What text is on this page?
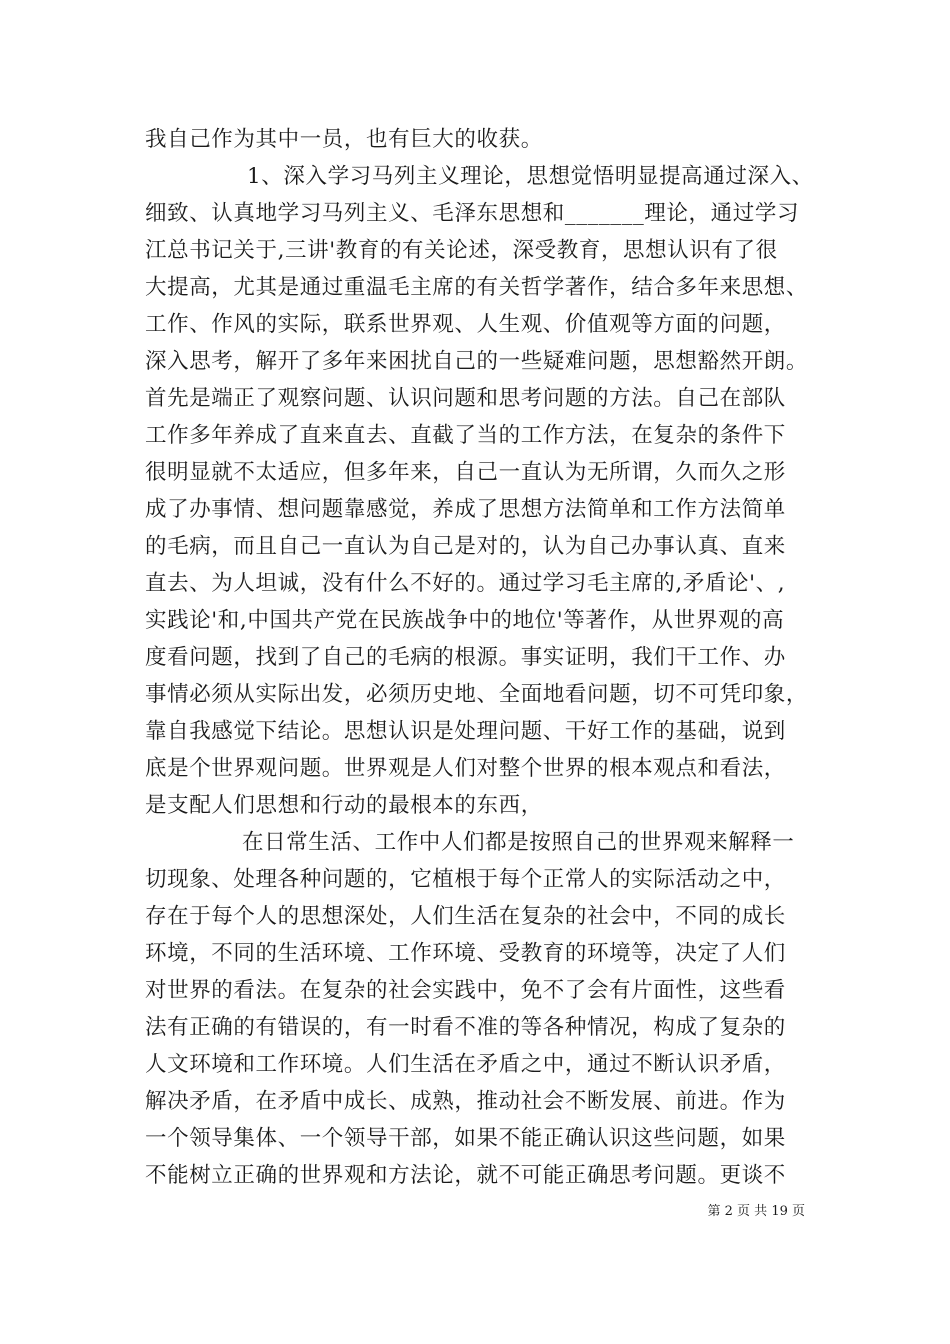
我自己作为其中一员，也有巨大的收获。
1、深入学习马列主义理论，思想觉悟明显提高通过深入、
细致、认真地学习马列主义、毛泽东思想和_______理论，通过学习
江总书记关于,三讲'教育的有关论述，深受教育，思想认识有了很
大提高，尤其是通过重温毛主席的有关哲学著作，结合多年来思想、
工作、作风的实际，联系世界观、人生观、价值观等方面的问题，
深入思考，解开了多年来困扰自己的一些疑难问题，思想豁然开朗。
首先是端正了观察问题、认识问题和思考问题的方法。自己在部队
工作多年养成了直来直去、直截了当的工作方法，在复杂的条件下
很明显就不太适应，但多年来，自己一直认为无所谓，久而久之形
成了办事情、想问题靠感觉，养成了思想方法简单和工作方法简单
的毛病，而且自己一直认为自己是对的，认为自己办事认真、直来
直去、为人坦诚，没有什么不好的。通过学习毛主席的,矛盾论'、,
实践论'和,中国共产党在民族战争中的地位'等著作，从世界观的高
度看问题，找到了自己的毛病的根源。事实证明，我们干工作、办
事情必须从实际出发，必须历史地、全面地看问题，切不可凭印象，
靠自我感觉下结论。思想认识是处理问题、干好工作的基础，说到
底是个世界观问题。世界观是人们对整个世界的根本观点和看法，
是支配人们思想和行动的最根本的东西，
在日常生活、工作中人们都是按照自己的世界观来解释一
切现象、处理各种问题的，它植根于每个正常人的实际活动之中，
存在于每个人的思想深处，人们生活在复杂的社会中，不同的成长
环境，不同的生活环境、工作环境、受教育的环境等，决定了人们
对世界的看法。在复杂的社会实践中，免不了会有片面性，这些看
法有正确的有错误的，有一时看不准的等各种情况，构成了复杂的
人文环境和工作环境。人们生活在矛盾之中，通过不断认识矛盾，
解决矛盾，在矛盾中成长、成熟，推动社会不断发展、前进。作为
一个领导集体、一个领导干部，如果不能正确认识这些问题，如果
不能树立正确的世界观和方法论，就不可能正确思考问题。更谈不
第 2 页 共 19 页
